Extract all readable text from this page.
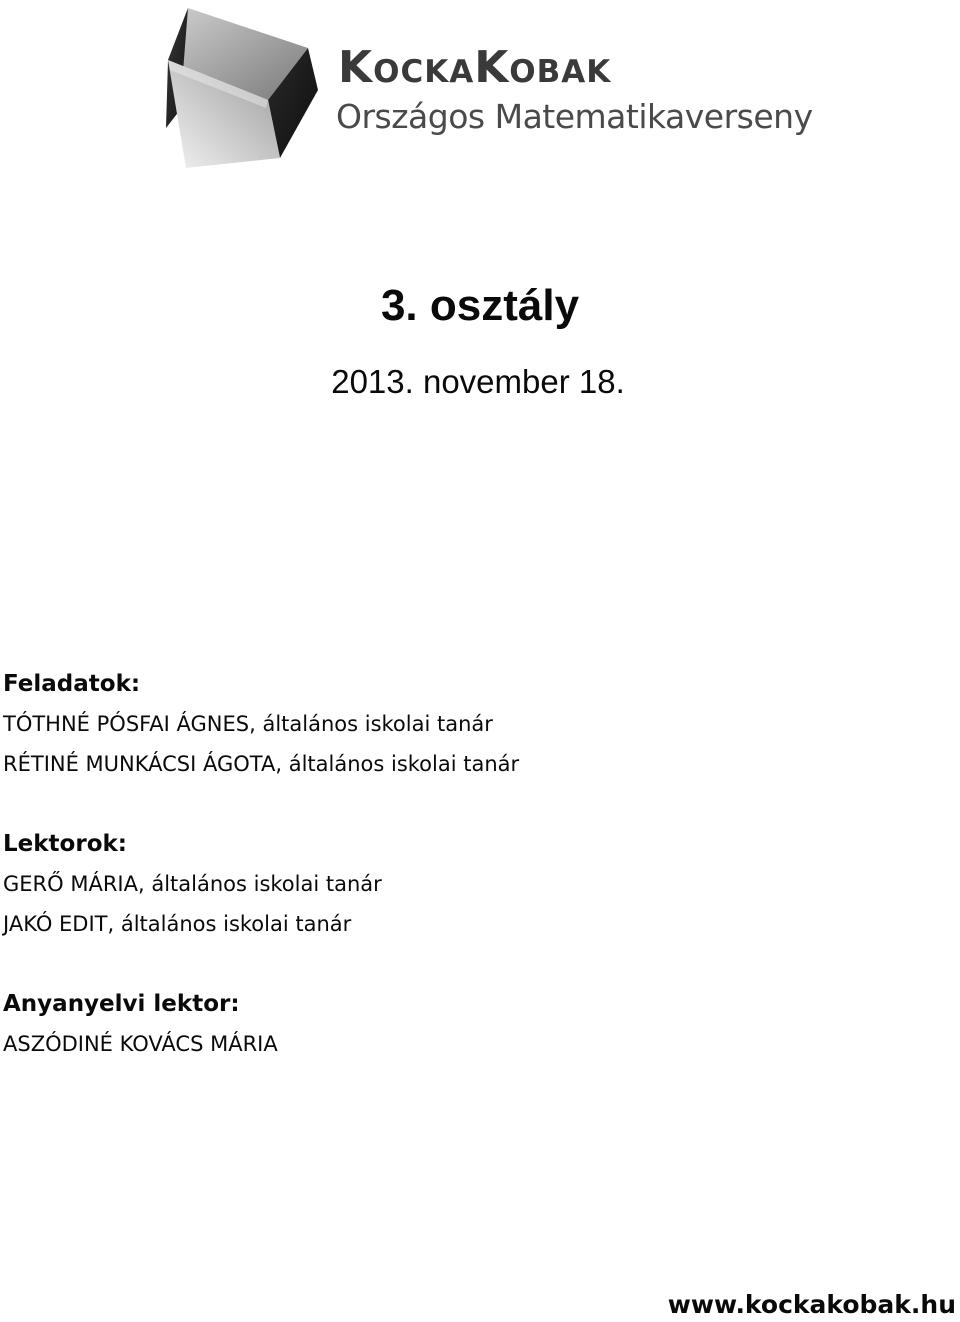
KockaKobak
Országos Matematikaverseny
3. osztály
2013. november 18.
Feladatok:
TÓTHNÉ PÓSFAI ÁGNES, általános iskolai tanár
RÉTINÉ MUNKÁCSI ÁGOTA, általános iskolai tanár
Lektorok:
GERŐ MÁRIA, általános iskolai tanár
JAKÓ EDIT, általános iskolai tanár
Anyanyelvi lektor:
ASZÓDINÉ KOVÁCS MÁRIA
www.kockakobak.hu
